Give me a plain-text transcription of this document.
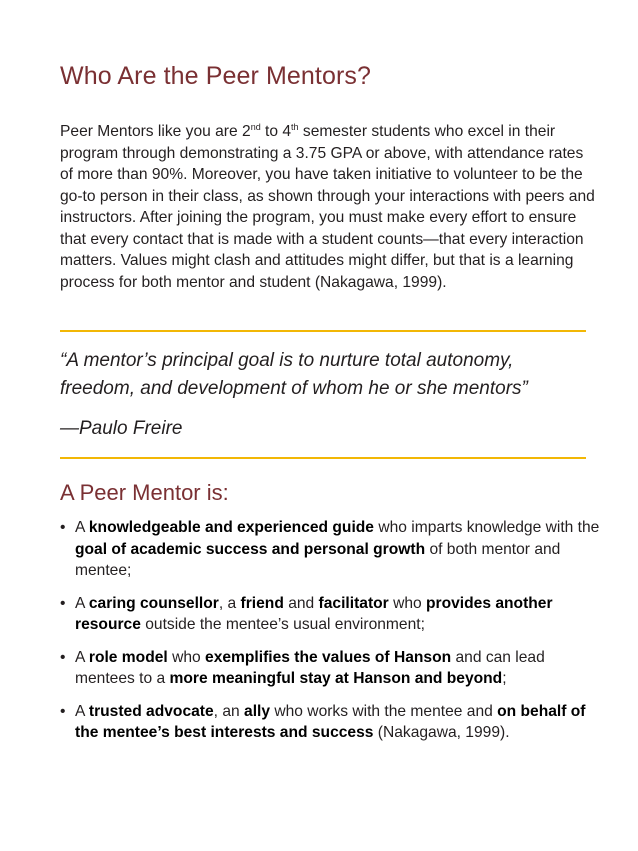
Who Are the Peer Mentors?

Peer Mentors like you are 2nd to 4th semester students who excel in their program through demonstrating a 3.75 GPA or above, with attendance rates of more than 90%. Moreover, you have taken initiative to volunteer to be the go-to person in their class, as shown through your interactions with peers and instructors. After joining the program, you must make every effort to ensure that every contact that is made with a student counts—that every interaction matters. Values might clash and attitudes might differ, but that is a learning process for both mentor and student (Nakagawa, 1999).

“A mentor’s principal goal is to nurture total autonomy, freedom, and development of whom he or she mentors”

—Paulo Freire

A Peer Mentor is:
• A knowledgeable and experienced guide who imparts knowledge with the goal of academic success and personal growth of both mentor and mentee;
• A caring counsellor, a friend and facilitator who provides another resource outside the mentee’s usual environment;
• A role model who exemplifies the values of Hanson and can lead mentees to a more meaningful stay at Hanson and beyond;
• A trusted advocate, an ally who works with the mentee and on behalf of the mentee’s best interests and success (Nakagawa, 1999).
